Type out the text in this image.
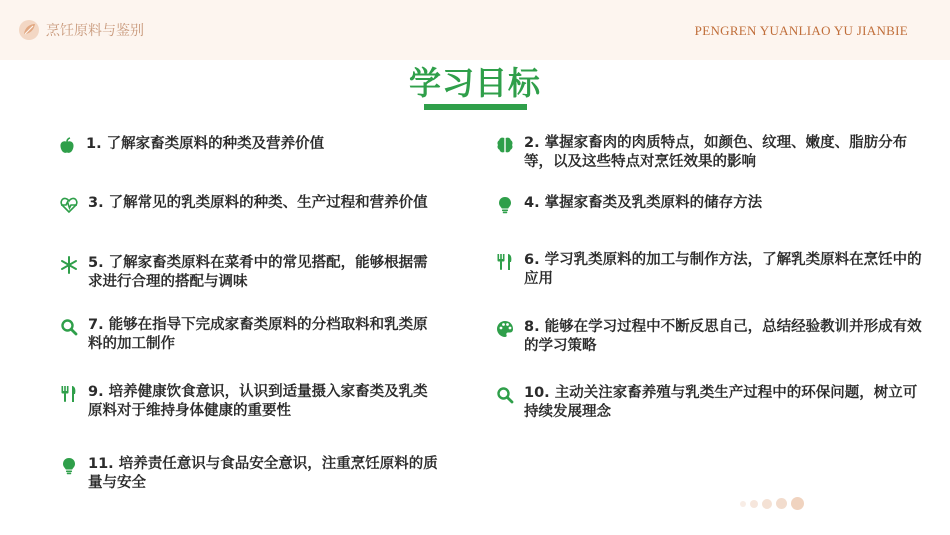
烹饪原料与鉴别	PENGREN YUANLIAO YU JIANBIE
学习目标
1. 了解家畜类原料的种类及营养价值
3. 了解常见的乳类原料的种类、生产过程和营养价值
5. 了解家畜类原料在菜肴中的常见搭配，能够根据需求进行合理的搭配与调味
7. 能够在指导下完成家畜类原料的分档取料和乳类原料的加工制作
9. 培养健康饮食意识，认识到适量摄入家畜类及乳类原料对于维持身体健康的重要性
11. 培养责任意识与食品安全意识，注重烹饪原料的质量与安全
2. 掌握家畜肉的肉质特点，如颜色、纹理、嫩度、脂肪分布等，以及这些特点对烹饪效果的影响
4. 掌握家畜类及乳类原料的储存方法
6. 学习乳类原料的加工与制作方法，了解乳类原料在烹饪中的应用
8. 能够在学习过程中不断反思自己，总结经验教训并形成有效的学习策略
10. 主动关注家畜养殖与乳类生产过程中的环保问题，树立可持续发展理念
